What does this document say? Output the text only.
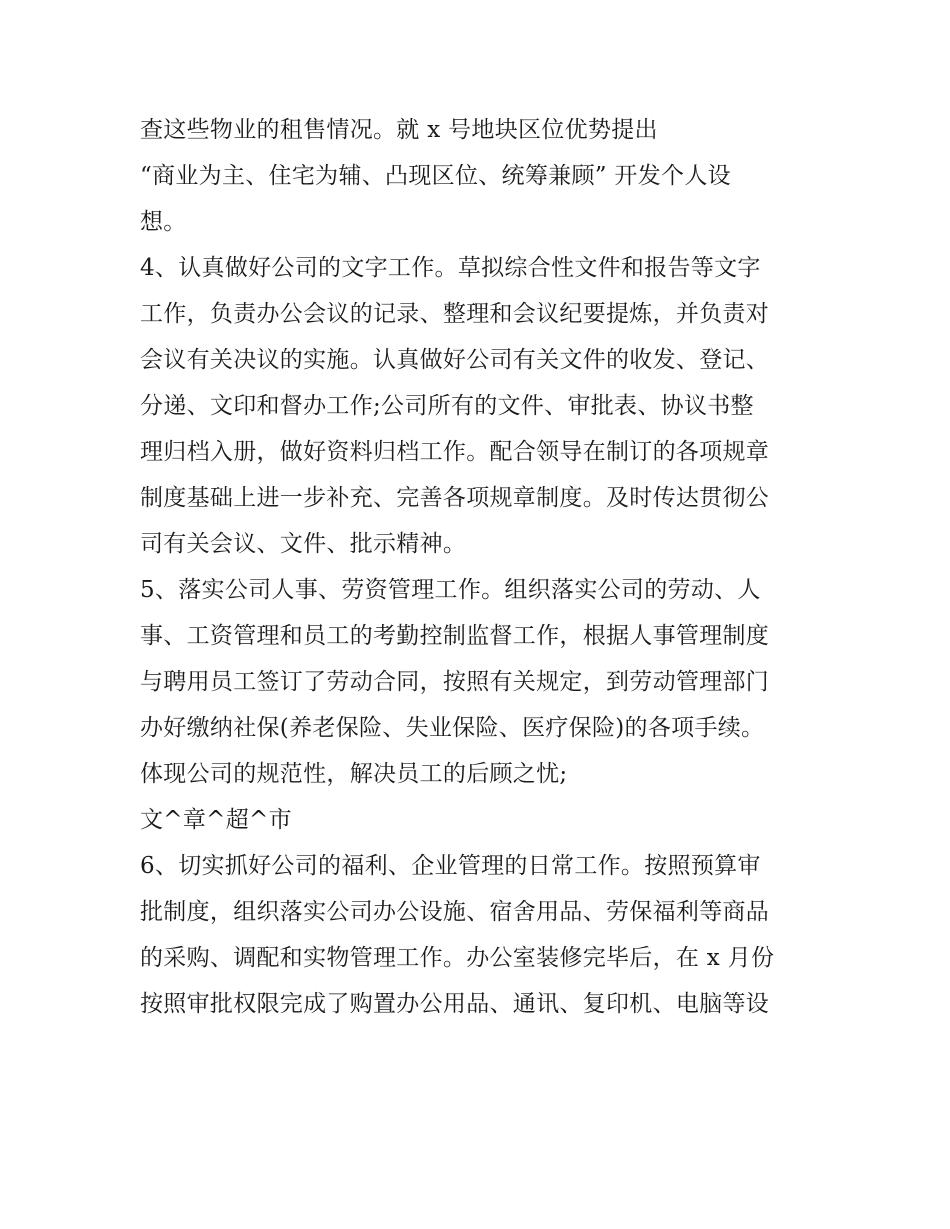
查这些物业的租售情况。就 x 号地块区位优势提出
“商业为主、住宅为辅、凸现区位、统筹兼顾” 开发个人设
想。
4、认真做好公司的文字工作。草拟综合性文件和报告等文字
工作，负责办公会议的记录、整理和会议纪要提炼，并负责对
会议有关决议的实施。认真做好公司有关文件的收发、登记、
分递、文印和督办工作;公司所有的文件、审批表、协议书整
理归档入册，做好资料归档工作。配合领导在制订的各项规章
制度基础上进一步补充、完善各项规章制度。及时传达贯彻公
司有关会议、文件、批示精神。
5、落实公司人事、劳资管理工作。组织落实公司的劳动、人
事、工资管理和员工的考勤控制监督工作，根据人事管理制度
与聘用员工签订了劳动合同，按照有关规定，到劳动管理部门
办好缴纳社保(养老保险、失业保险、医疗保险)的各项手续。
体现公司的规范性，解决员工的后顾之忧;
文^章^超^市
6、切实抓好公司的福利、企业管理的日常工作。按照预算审
批制度，组织落实公司办公设施、宿舍用品、劳保福利等商品
的采购、调配和实物管理工作。办公室装修完毕后，在 x 月份
按照审批权限完成了购置办公用品、通讯、复印机、电脑等设
